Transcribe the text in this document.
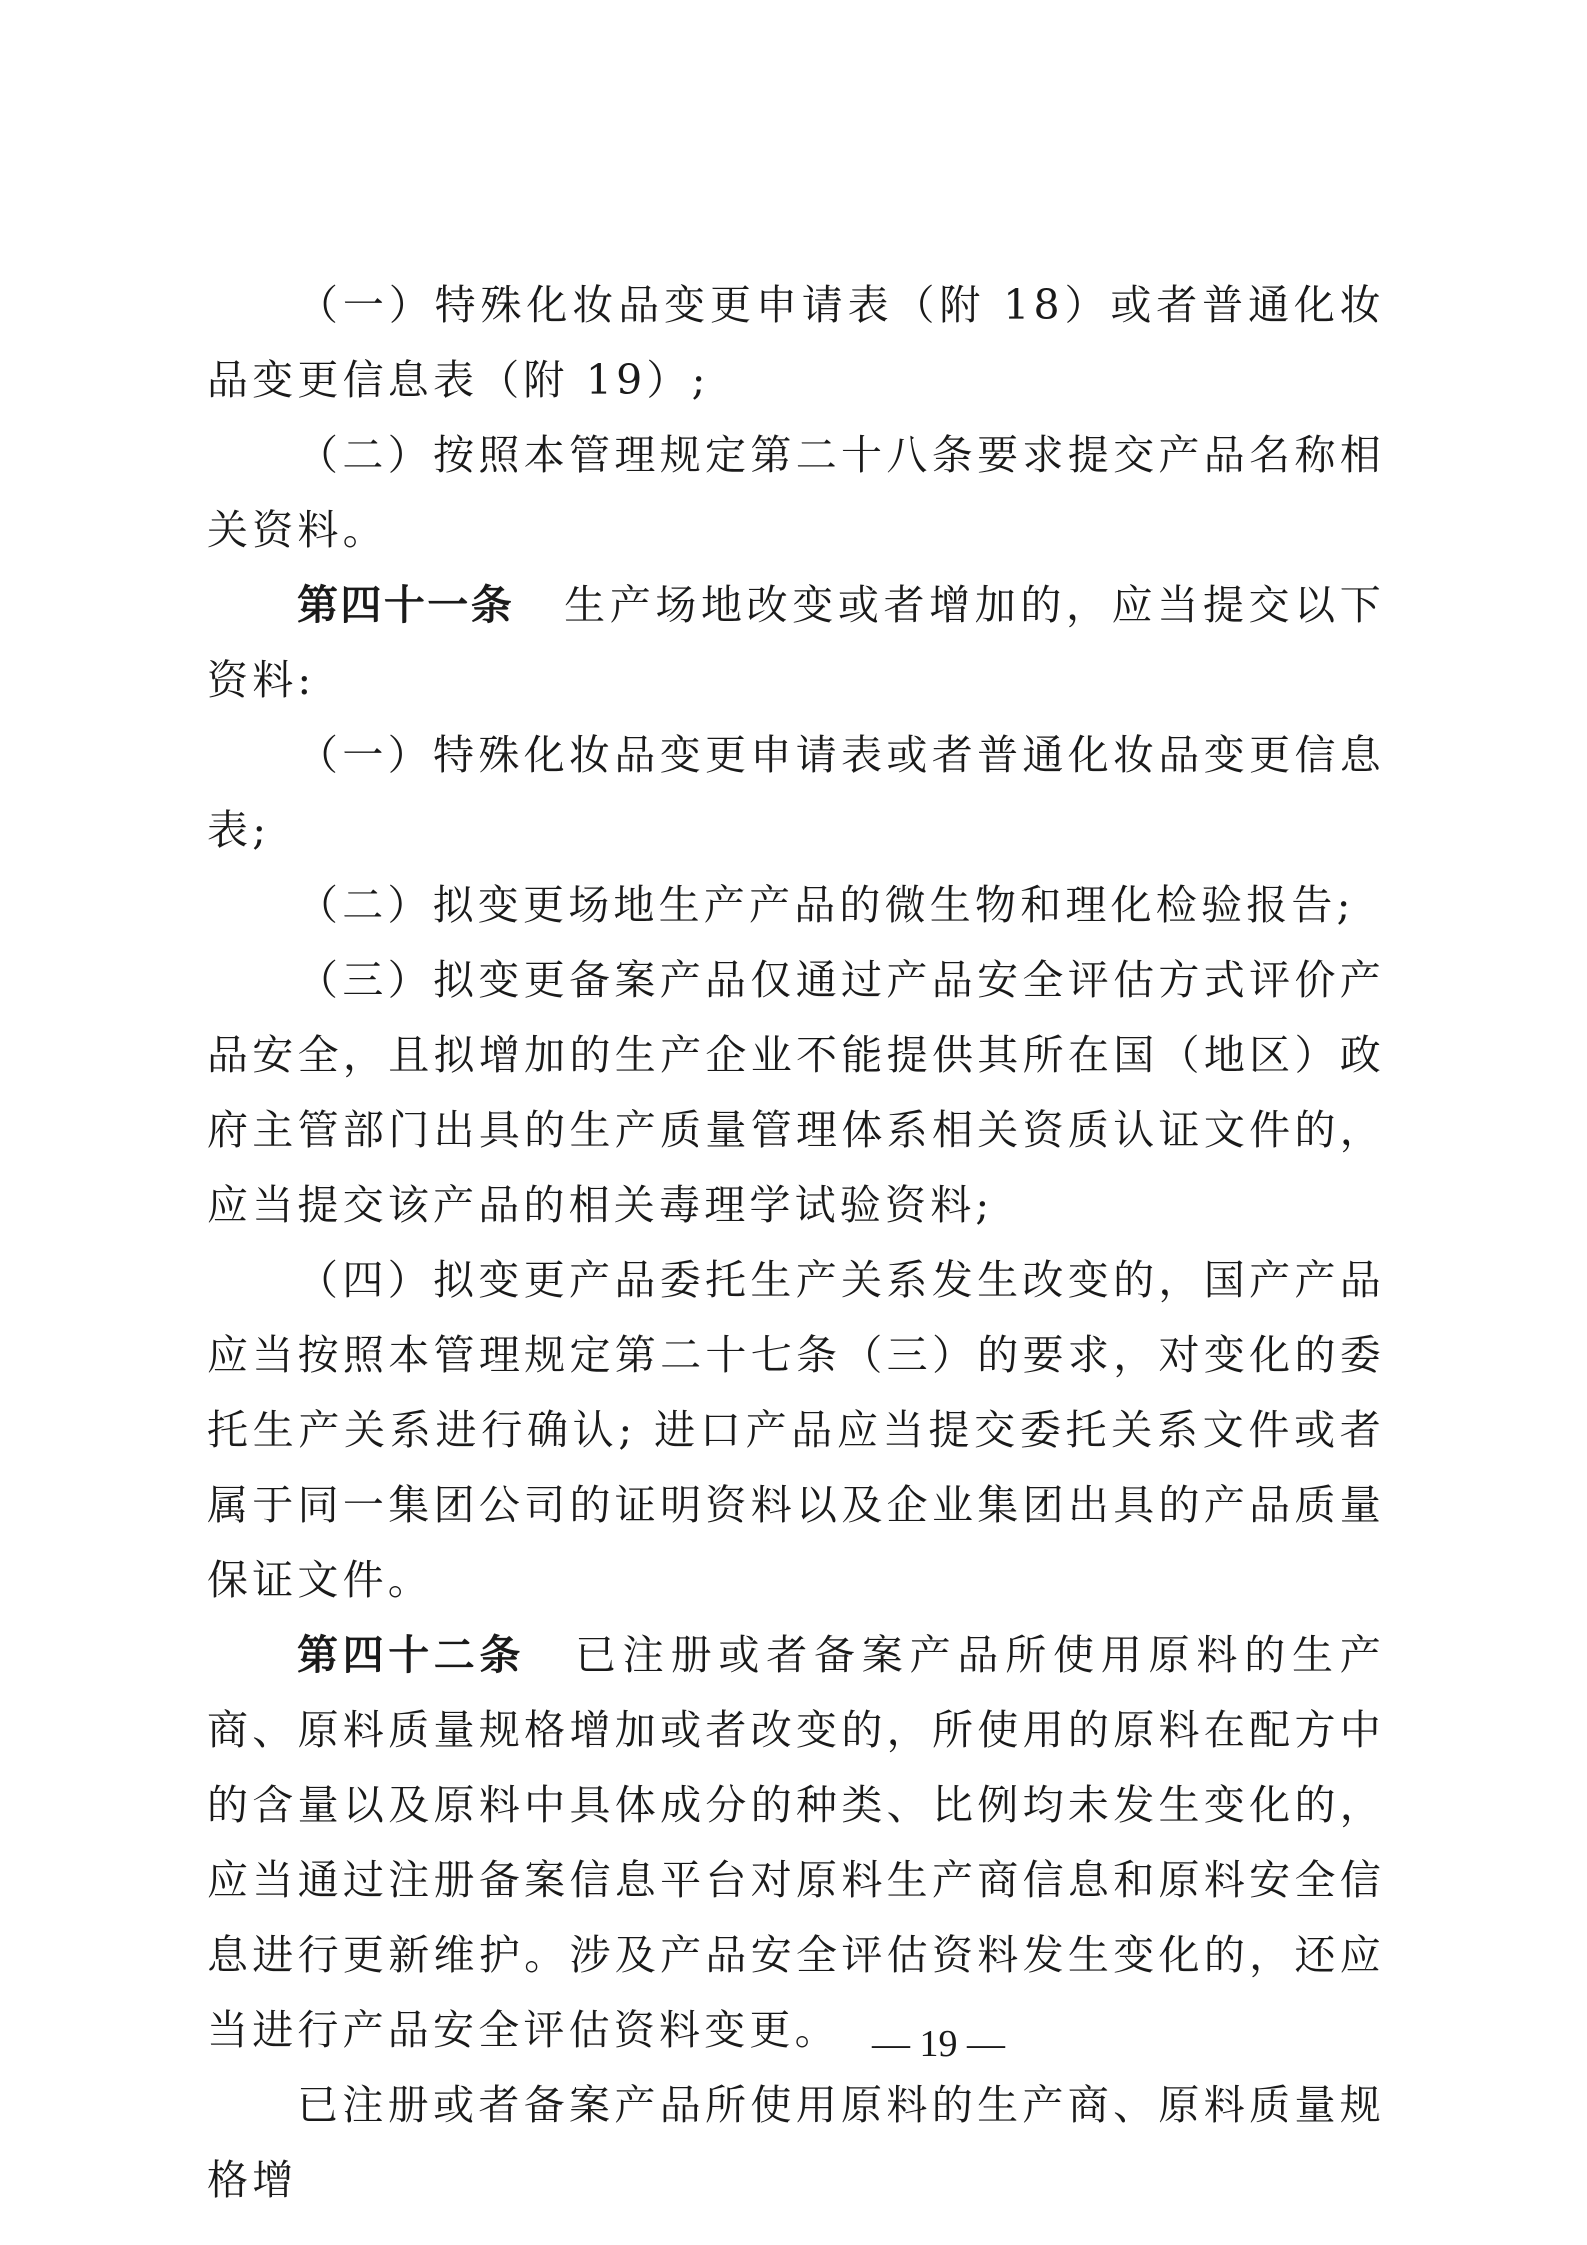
（一）特殊化妆品变更申请表（附 18）或者普通化妆品变更信息表（附 19）;

（二）按照本管理规定第二十八条要求提交产品名称相关资料。

第四十一条 生产场地改变或者增加的，应当提交以下资料:

（一）特殊化妆品变更申请表或者普通化妆品变更信息表;

（二）拟变更场地生产产品的微生物和理化检验报告;

（三）拟变更备案产品仅通过产品安全评估方式评价产品安全，且拟增加的生产企业不能提供其所在国（地区）政府主管部门出具的生产质量管理体系相关资质认证文件的，应当提交该产品的相关毒理学试验资料;

（四）拟变更产品委托生产关系发生改变的，国产产品应当按照本管理规定第二十七条（三）的要求，对变化的委托生产关系进行确认; 进口产品应当提交委托关系文件或者属于同一集团公司的证明资料以及企业集团出具的产品质量保证文件。

第四十二条 已注册或者备案产品所使用原料的生产商、原料质量规格增加或者改变的，所使用的原料在配方中的含量以及原料中具体成分的种类、比例均未发生变化的，应当通过注册备案信息平台对原料生产商信息和原料安全信息进行更新维护。涉及产品安全评估资料发生变化的，还应当进行产品安全评估资料变更。

已注册或者备案产品所使用原料的生产商、原料质量规格增

— 19 —
